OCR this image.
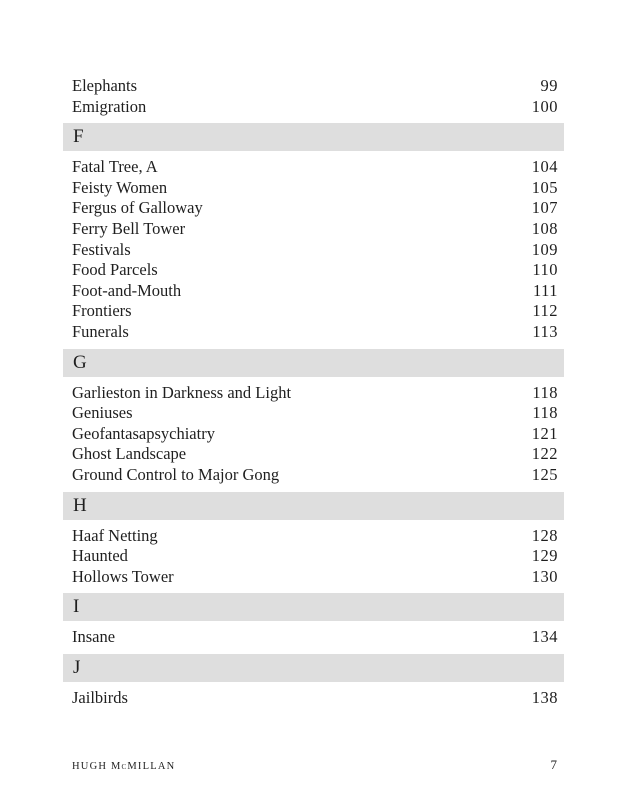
Elephants	99
Emigration	100
F
Fatal Tree, A	104
Feisty Women	105
Fergus of Galloway	107
Ferry Bell Tower	108
Festivals	109
Food Parcels	110
Foot-and-Mouth	111
Frontiers	112
Funerals	113
G
Garlieston in Darkness and Light	118
Geniuses	118
Geofantasapsychiatry	121
Ghost Landscape	122
Ground Control to Major Gong	125
H
Haaf Netting	128
Haunted	129
Hollows Tower	130
I
Insane	134
J
Jailbirds	138
HUGH McMILLAN	7
